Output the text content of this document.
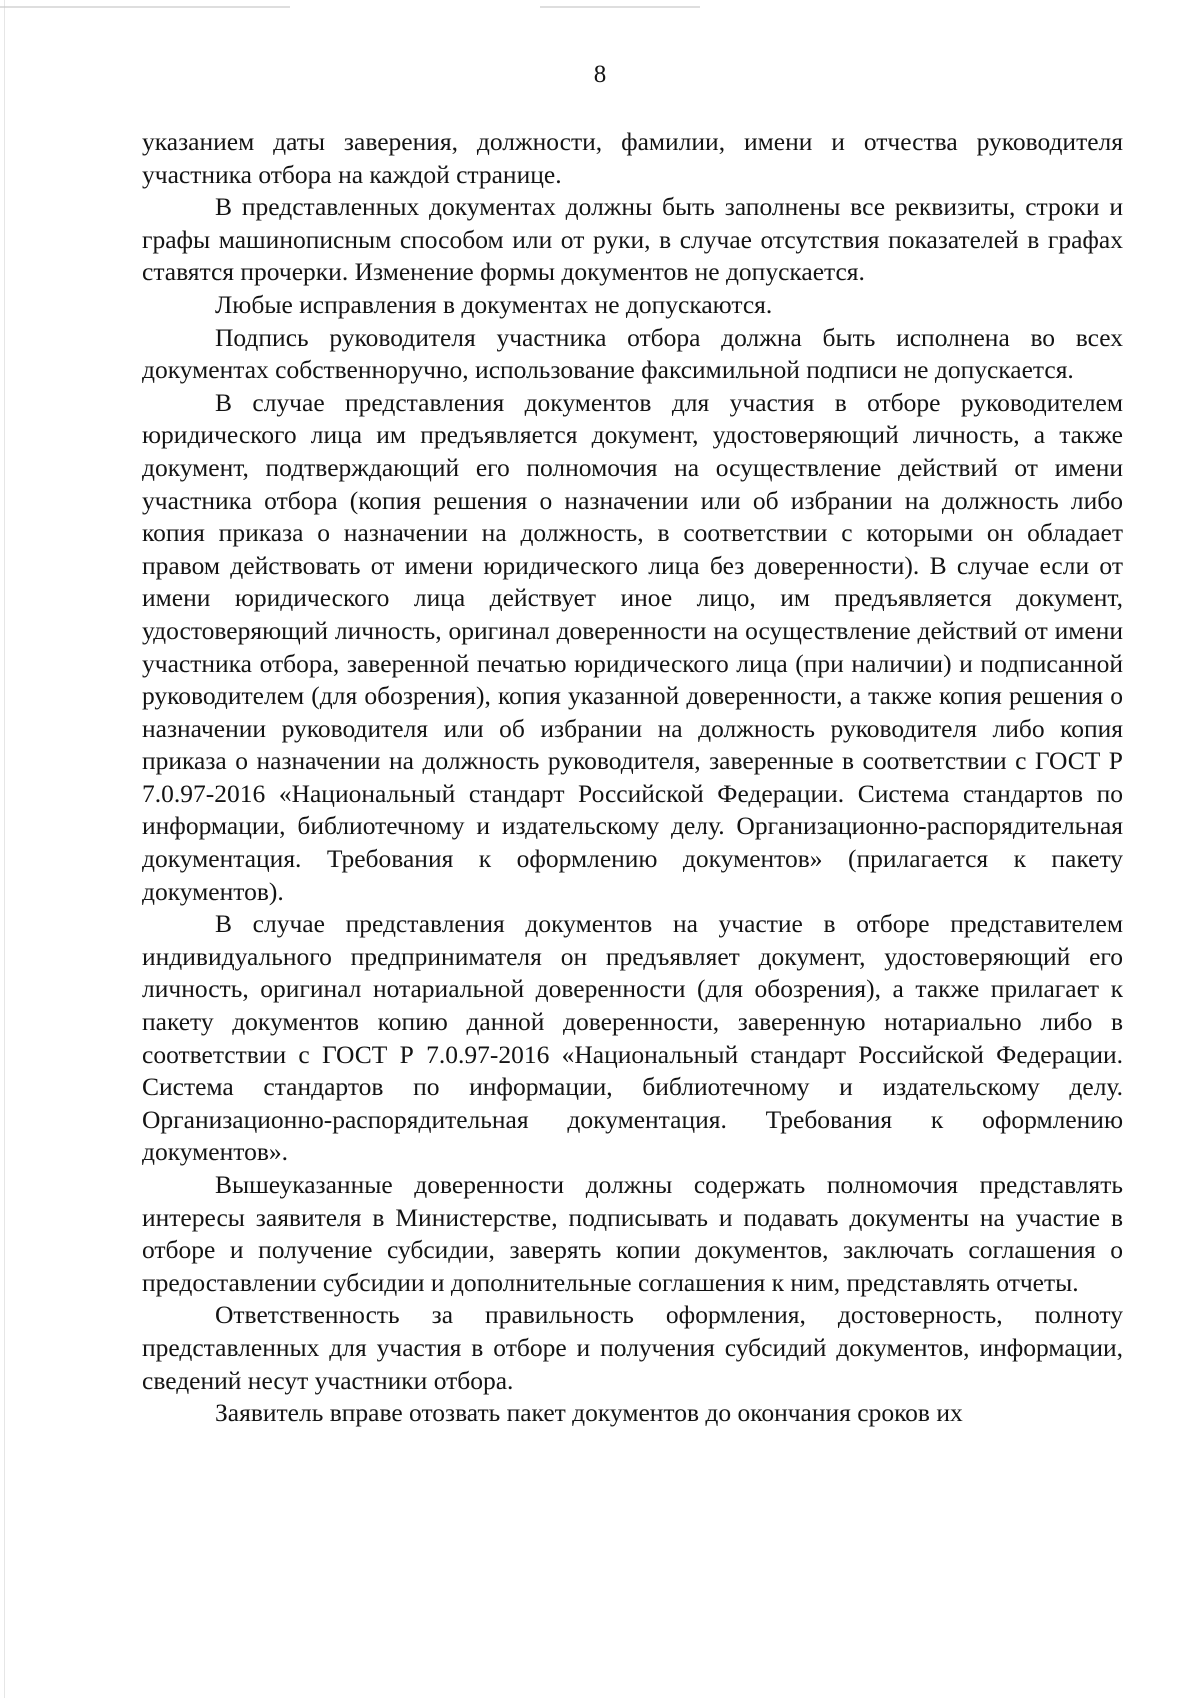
8

указанием даты заверения, должности, фамилии, имени и отчества руководителя участника отбора на каждой странице.

В представленных документах должны быть заполнены все реквизиты, строки и графы машинописным способом или от руки, в случае отсутствия показателей в графах ставятся прочерки. Изменение формы документов не допускается.

Любые исправления в документах не допускаются.

Подпись руководителя участника отбора должна быть исполнена во всех документах собственноручно, использование факсимильной подписи не допускается.

В случае представления документов для участия в отборе руководителем юридического лица им предъявляется документ, удостоверяющий личность, а также документ, подтверждающий его полномочия на осуществление действий от имени участника отбора (копия решения о назначении или об избрании на должность либо копия приказа о назначении на должность, в соответствии с которыми он обладает правом действовать от имени юридического лица без доверенности). В случае если от имени юридического лица действует иное лицо, им предъявляется документ, удостоверяющий личность, оригинал доверенности на осуществление действий от имени участника отбора, заверенной печатью юридического лица (при наличии) и подписанной руководителем (для обозрения), копия указанной доверенности, а также копия решения о назначении руководителя или об избрании на должность руководителя либо копия приказа о назначении на должность руководителя, заверенные в соответствии с ГОСТ Р 7.0.97-2016 «Национальный стандарт Российской Федерации. Система стандартов по информации, библиотечному и издательскому делу. Организационно-распорядительная документация. Требования к оформлению документов» (прилагается к пакету документов).

В случае представления документов на участие в отборе представителем индивидуального предпринимателя он предъявляет документ, удостоверяющий его личность, оригинал нотариальной доверенности (для обозрения), а также прилагает к пакету документов копию данной доверенности, заверенную нотариально либо в соответствии с ГОСТ Р 7.0.97-2016 «Национальный стандарт Российской Федерации. Система стандартов по информации, библиотечному и издательскому делу. Организационно-распорядительная документация. Требования к оформлению документов».

Вышеуказанные доверенности должны содержать полномочия представлять интересы заявителя в Министерстве, подписывать и подавать документы на участие в отборе и получение субсидии, заверять копии документов, заключать соглашения о предоставлении субсидии и дополнительные соглашения к ним, представлять отчеты.

Ответственность за правильность оформления, достоверность, полноту представленных для участия в отборе и получения субсидий документов, информации, сведений несут участники отбора.

Заявитель вправе отозвать пакет документов до окончания сроков их
